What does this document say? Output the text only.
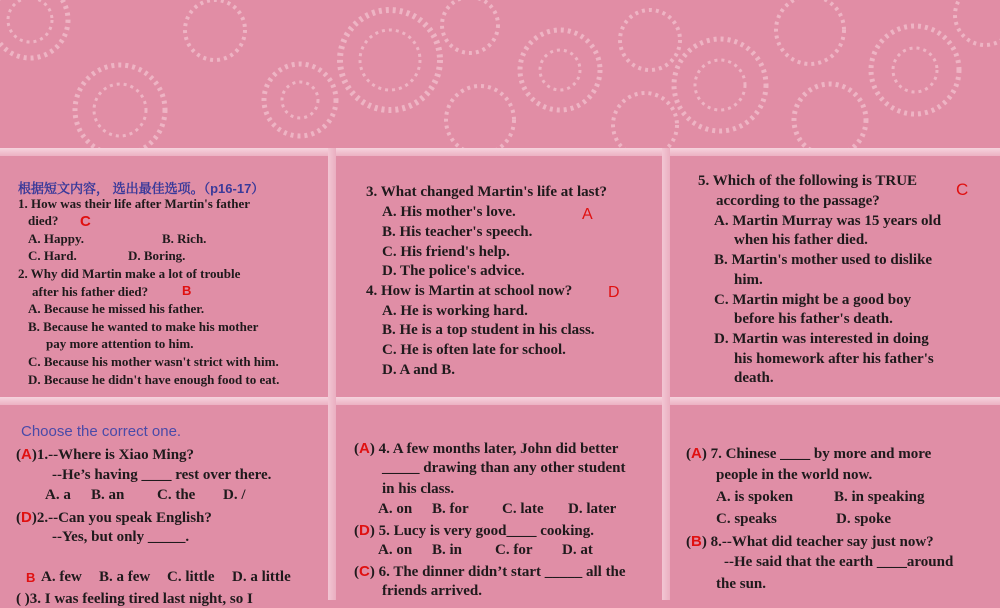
根据短文内容， 选出最佳选项。（p16-17）
1. How was their life after Martin's father
died? C
A. Happy.	B. Rich.
C. Hard.	D. Boring.
2. Why did Martin make a lot of trouble
after his father died?	B
A. Because he missed his father.
B. Because he wanted to make his mother
pay more attention to him.
C. Because his mother wasn't strict with him.
D. Because he didn't have enough food to eat.
3. What changed Martin's life at last?
A. His mother's love.	A
B. His teacher's speech.
C. His friend's help.
D. The police's advice.
4. How is Martin at school now? D
A. He is working hard.
B. He is a top student in his class.
C. He is often late for school.
D. A and B.
5. Which of the following is TRUE C
according to the passage?
A. Martin Murray was 15 years old
when his father died.
B. Martin's mother used to dislike
him.
C. Martin might be a good boy
before his father's death.
D. Martin was interested in doing
his homework after his father's
death.
Choose the correct one.
(A)1.--Where is Xiao Ming?
--He’s having ____ rest over there.
A. a B. an C. the D. /
(D)2.--Can you speak English?
--Yes, but only _____.
B A. few B. a few C. little D. a little
( )3. I was feeling tired last night, so I
(A) 4. A few months later, John did better
_____ drawing than any other student
in his class.
A. on B. for C. late D. later
(D) 5. Lucy is very good____ cooking.
A. on B. in C. for D. at
(C) 6. The dinner didn’t start _____ all the
friends arrived.
(A) 7. Chinese ____ by more and more
people in the world now.
A. is spoken	B. in speaking
C. speaks	D. spoke
(B) 8.--What did teacher say just now?
--He said that the earth ____around
the sun.
